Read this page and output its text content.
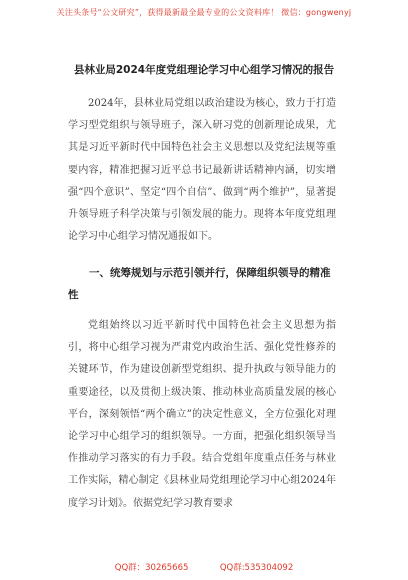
关注头条号“公文研究”，获得最新最全最专业的公文资料库！ 微信：gongwenyj
县林业局2024年度党组理论学习中心组学习情况的报告

2024年，县林业局党组以政治建设为核心，致力于打造学习型党组织与领导班子，深入研习党的创新理论成果，尤其是习近平新时代中国特色社会主义思想以及党纪法规等重要内容，精准把握习近平总书记最新讲话精神内涵，切实增强“四个意识”、坚定“四个自信”、做到“两个维护”，显著提升领导班子科学决策与引领发展的能力。现将本年度党组理论学习中心组学习情况通报如下。

一、统筹规划与示范引领并行，保障组织领导的精准性

党组始终以习近平新时代中国特色社会主义思想为指引，将中心组学习视为严肃党内政治生活、强化党性修养的关键环节，作为建设创新型党组织、提升执政与领导能力的重要途径，以及贯彻上级决策、推动林业高质量发展的核心平台，深刻领悟“两个确立”的决定性意义，全方位强化对理论学习中心组学习的组织领导。一方面，把强化组织领导当作推动学习落实的有力手段。结合党组年度重点任务与林业工作实际，精心制定《县林业局党组理论学习中心组2024年度学习计划》。依据党纪学习教育要求

QQ群：30265665	QQ群:535304092
